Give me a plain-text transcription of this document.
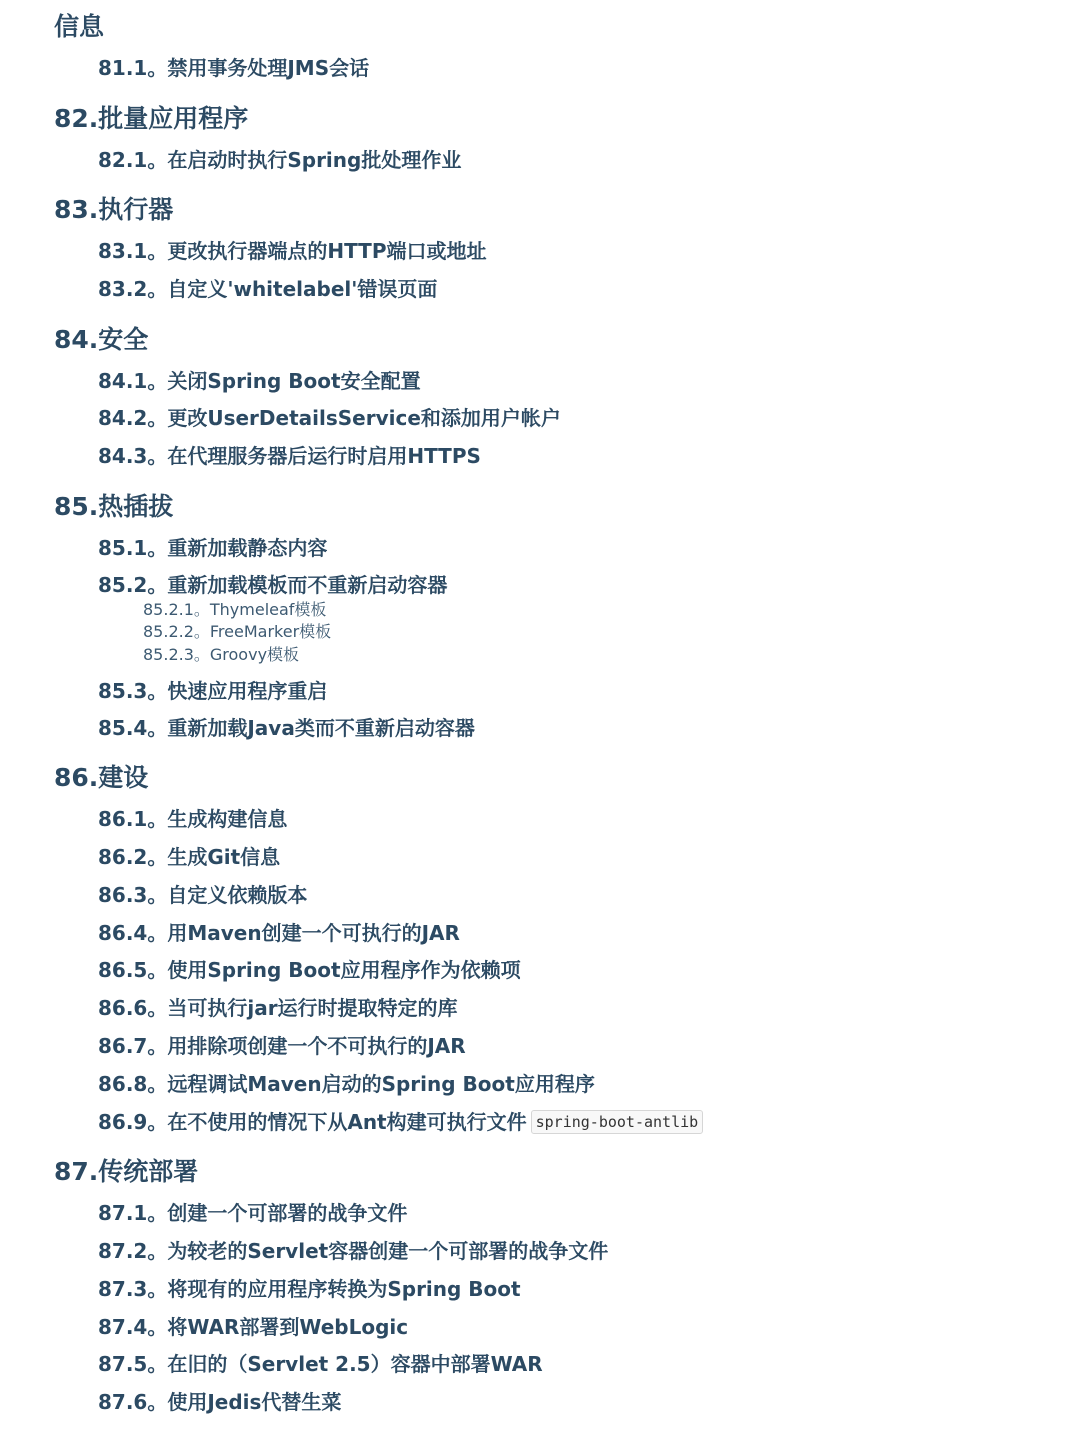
信息
81.1。禁用事务处理JMS会话
82.批量应用程序
82.1。在启动时执行Spring批处理作业
83.执行器
83.1。更改执行器端点的HTTP端口或地址
83.2。自定义'whitelabel'错误页面
84.安全
84.1。关闭Spring Boot安全配置
84.2。更改UserDetailsService和添加用户帐户
84.3。在代理服务器后运行时启用HTTPS
85.热插拔
85.1。重新加载静态内容
85.2。重新加载模板而不重新启动容器
85.2.1。Thymeleaf模板
85.2.2。FreeMarker模板
85.2.3。Groovy模板
85.3。快速应用程序重启
85.4。重新加载Java类而不重新启动容器
86.建设
86.1。生成构建信息
86.2。生成Git信息
86.3。自定义依赖版本
86.4。用Maven创建一个可执行的JAR
86.5。使用Spring Boot应用程序作为依赖项
86.6。当可执行jar运行时提取特定的库
86.7。用排除项创建一个不可执行的JAR
86.8。远程调试Maven启动的Spring Boot应用程序
86.9。在不使用的情况下从Ant构建可执行文件 spring-boot-antlib
87.传统部署
87.1。创建一个可部署的战争文件
87.2。为较老的Servlet容器创建一个可部署的战争文件
87.3。将现有的应用程序转换为Spring Boot
87.4。将WAR部署到WebLogic
87.5。在旧的（Servlet 2.5）容器中部署WAR
87.6。使用Jedis代替生菜
